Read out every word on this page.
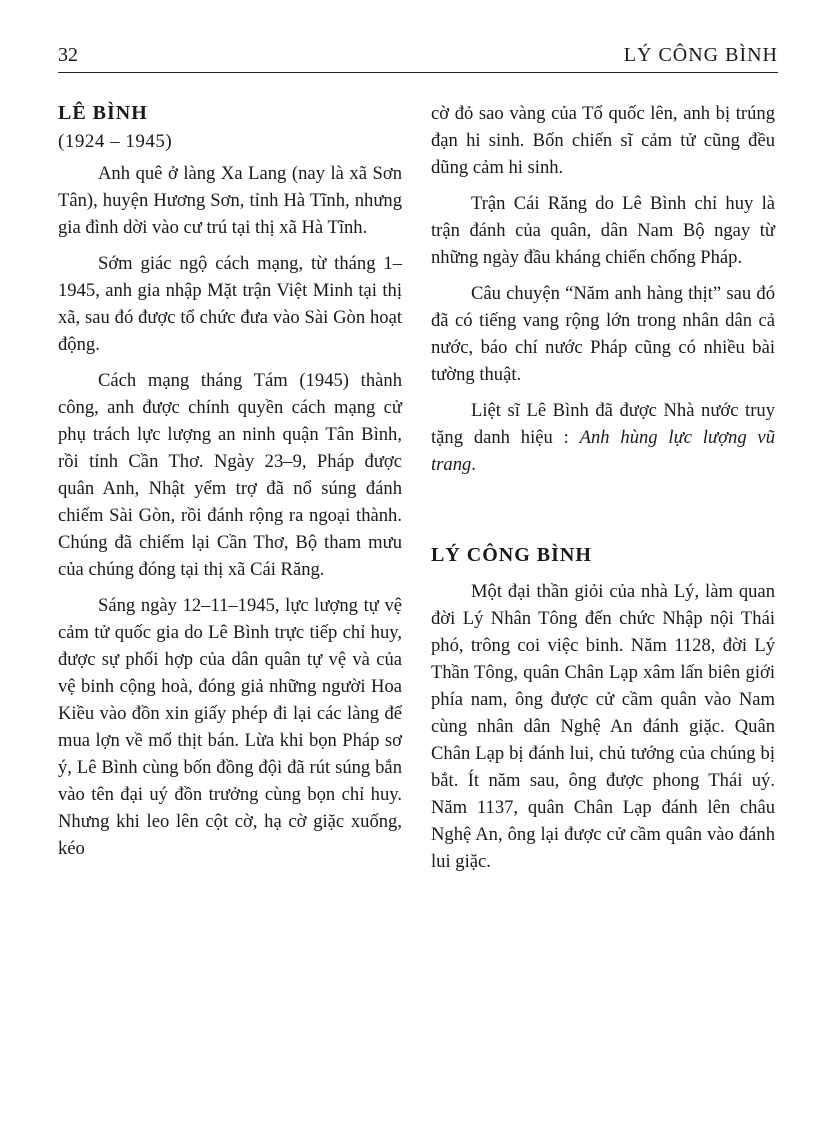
32	LÝ CÔNG BÌNH
LÊ BÌNH
(1924 – 1945)

Anh quê ở làng Xa Lang (nay là xã Sơn Tân), huyện Hương Sơn, tỉnh Hà Tĩnh, nhưng gia đình dời vào cư trú tại thị xã Hà Tĩnh.

Sớm giác ngộ cách mạng, từ tháng 1–1945, anh gia nhập Mặt trận Việt Minh tại thị xã, sau đó được tổ chức đưa vào Sài Gòn hoạt động.

Cách mạng tháng Tám (1945) thành công, anh được chính quyền cách mạng cử phụ trách lực lượng an ninh quận Tân Bình, rồi tỉnh Cần Thơ. Ngày 23–9, Pháp được quân Anh, Nhật yểm trợ đã nổ súng đánh chiếm Sài Gòn, rồi đánh rộng ra ngoại thành. Chúng đã chiếm lại Cần Thơ, Bộ tham mưu của chúng đóng tại thị xã Cái Răng.

Sáng ngày 12–11–1945, lực lượng tự vệ cảm tử quốc gia do Lê Bình trực tiếp chỉ huy, được sự phối hợp của dân quân tự vệ và của vệ binh cộng hoà, đóng giả những người Hoa Kiều vào đồn xin giấy phép đi lại các làng để mua lợn về mổ thịt bán. Lừa khi bọn Pháp sơ ý, Lê Bình cùng bốn đồng đội đã rút súng bắn vào tên đại uý đồn trưởng cùng bọn chỉ huy. Nhưng khi leo lên cột cờ, hạ cờ giặc xuống, kéo

cờ đỏ sao vàng của Tổ quốc lên, anh bị trúng đạn hi sinh. Bốn chiến sĩ cảm tử cũng đều dũng cảm hi sinh.

Trận Cái Răng do Lê Bình chỉ huy là trận đánh của quân, dân Nam Bộ ngay từ những ngày đầu kháng chiến chống Pháp.

Câu chuyện “Năm anh hàng thịt” sau đó đã có tiếng vang rộng lớn trong nhân dân cả nước, báo chí nước Pháp cũng có nhiều bài tường thuật.

Liệt sĩ Lê Bình đã được Nhà nước truy tặng danh hiệu : Anh hùng lực lượng vũ trang.

LÝ CÔNG BÌNH

Một đại thần giỏi của nhà Lý, làm quan đời Lý Nhân Tông đến chức Nhập nội Thái phó, trông coi việc binh. Năm 1128, đời Lý Thần Tông, quân Chân Lạp xâm lấn biên giới phía nam, ông được cử cầm quân vào Nam cùng nhân dân Nghệ An đánh giặc. Quân Chân Lạp bị đánh lui, chủ tướng của chúng bị bắt. Ít năm sau, ông được phong Thái uý. Năm 1137, quân Chân Lạp đánh lên châu Nghệ An, ông lại được cử cầm quân vào đánh lui giặc.
